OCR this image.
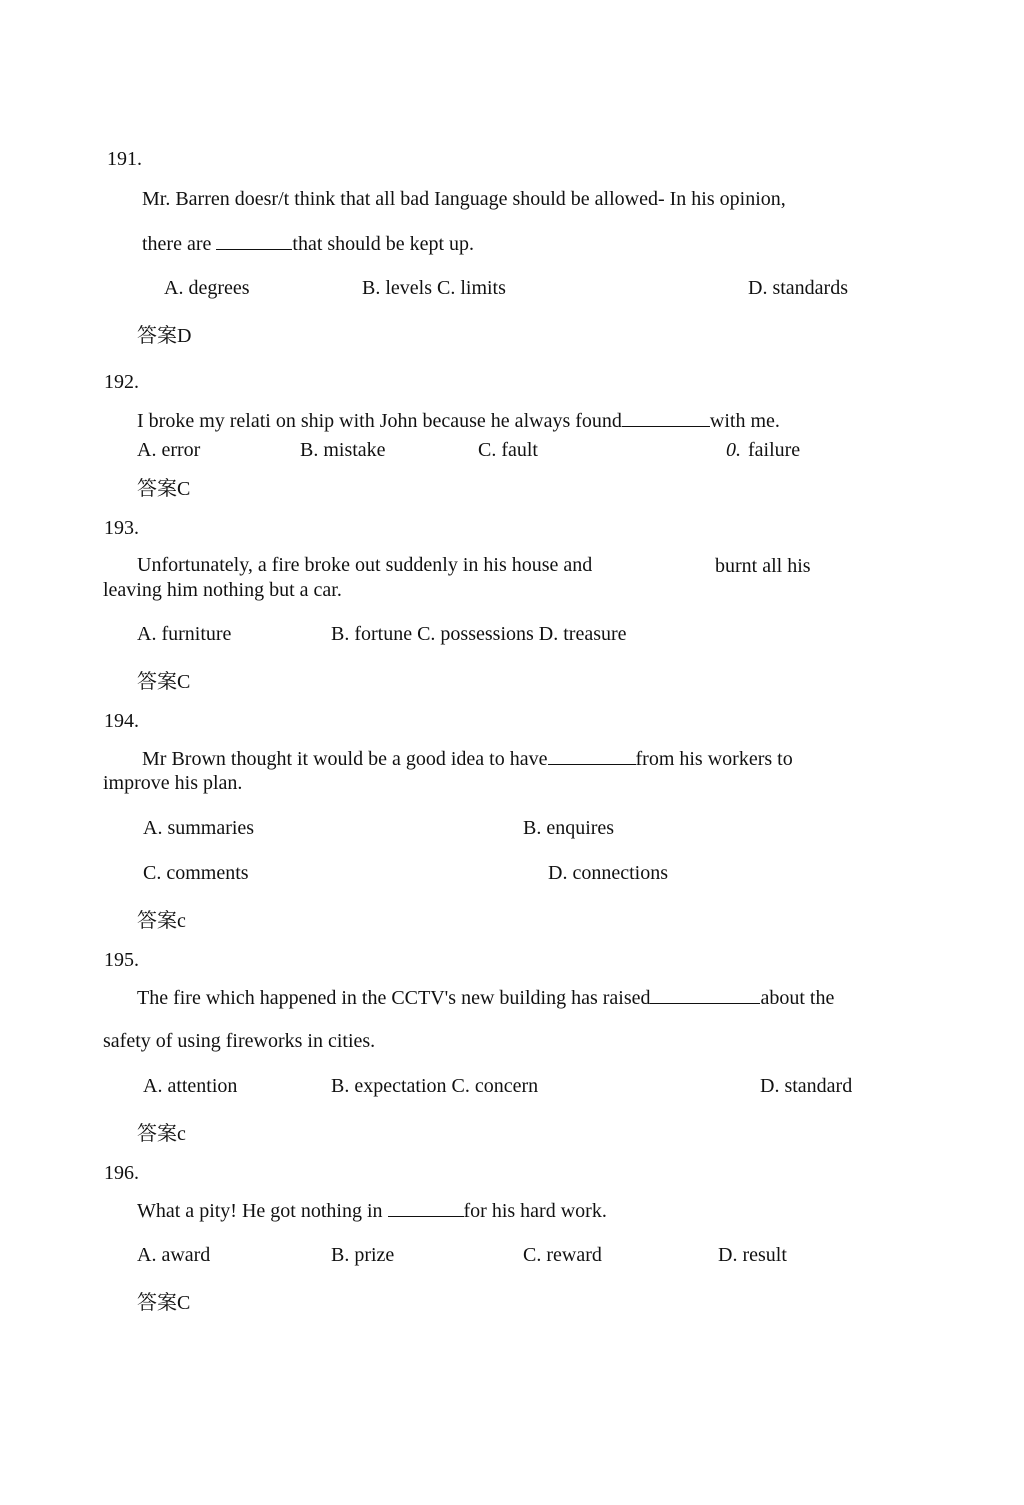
191.
Mr. Barren doesr/t think that all bad Ianguage should be allowed- In his opinion,
there are	that should be kept up.
A. degrees	B. levels C. limits	D. standards
答案D
192.
I broke my relati on ship with John because he always found	with me.
A. error	B. mistake	C. fault	0. failure
答案C
193.
Unfortunately, a fire broke out suddenly in his house and	burnt all his
leaving him nothing but a car.
A. furniture	B. fortune C. possessions D. treasure
答案C
194.
Mr Brown thought it would be a good idea to have	from his workers to
improve his plan.
A. summaries	B. enquires
C. comments	D. connections
答案c
195.
The fire which happened in the CCTV's new building has raised	about the
safety of using fireworks in cities.
A. attention	B. expectation C. concern	D. standard
答案c
196.
What a pity! He got nothing in	for his hard work.
A. award	B. prize	C. reward	D. result
答案C
